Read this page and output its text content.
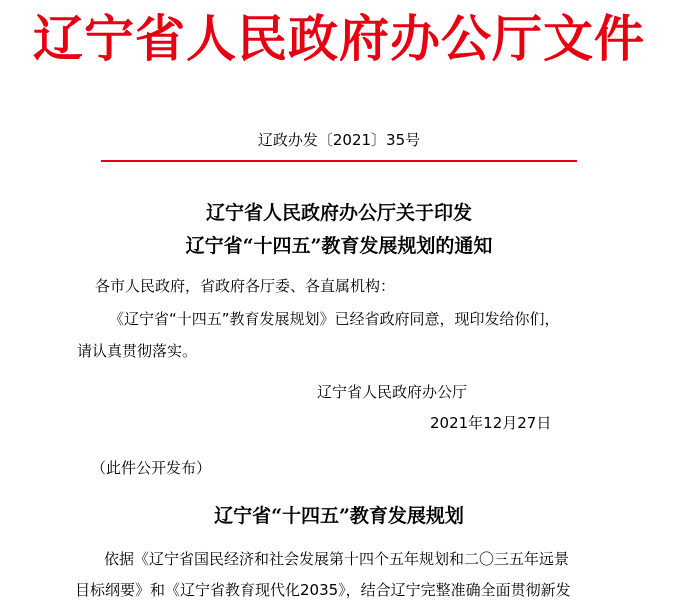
辽宁省人民政府办公厅文件
辽政办发〔2021〕35号
辽宁省人民政府办公厅关于印发
辽宁省“十四五”教育发展规划的通知
各市人民政府，省政府各厅委、各直属机构：
《辽宁省“十四五”教育发展规划》已经省政府同意，现印发给你们，
请认真贯彻落实。
辽宁省人民政府办公厅
2021年12月27日
（此件公开发布）
辽宁省“十四五”教育发展规划
依据《辽宁省国民经济和社会发展第十四个五年规划和二〇三五年远景
目标纲要》和《辽宁省教育现代化2035》，结合辽宁完整准确全面贯彻新发
